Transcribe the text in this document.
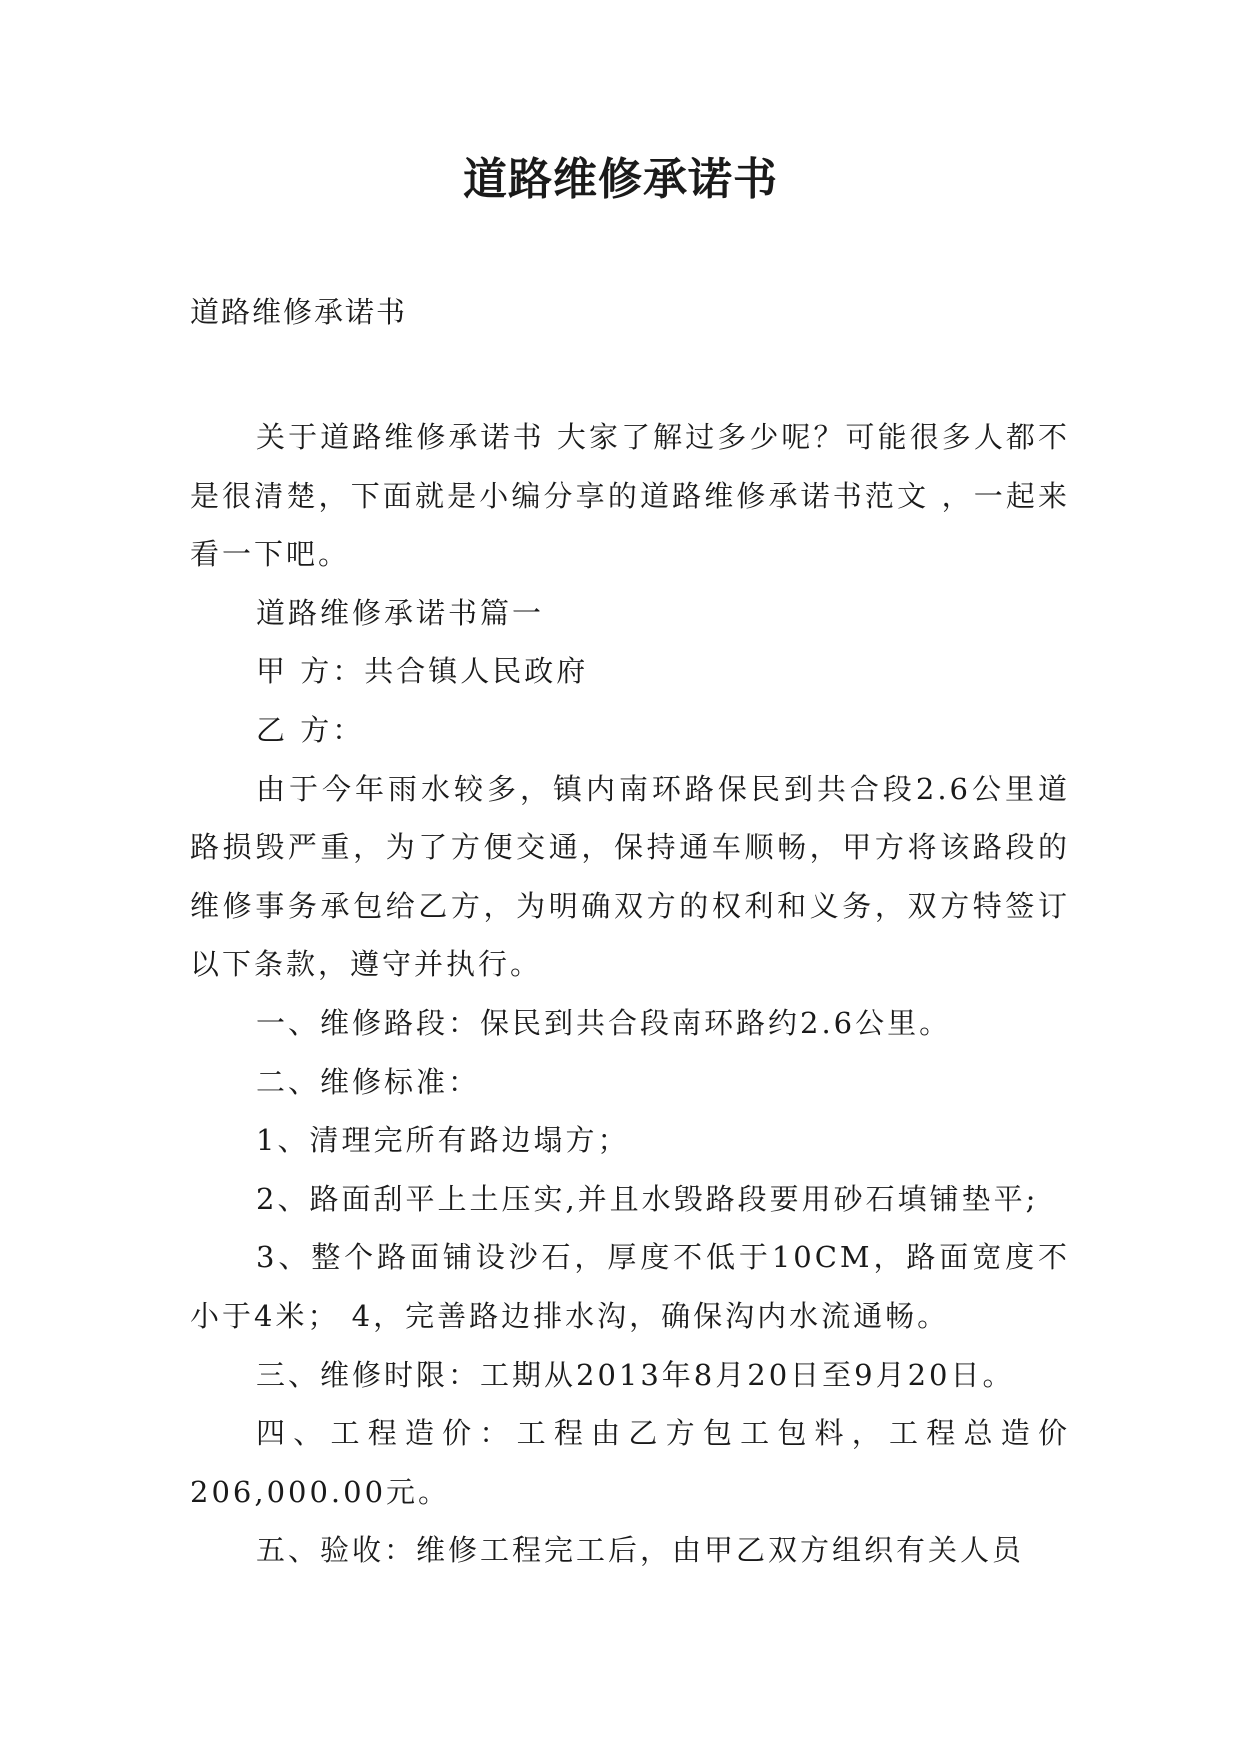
道路维修承诺书
道路维修承诺书

关于道路维修承诺书 大家了解过多少呢？可能很多人都不是很清楚，下面就是小编分享的道路维修承诺书范文 ，一起来看一下吧。

道路维修承诺书篇一

甲 方：共合镇人民政府

乙 方：

由于今年雨水较多，镇内南环路保民到共合段2.6公里道路损毁严重，为了方便交通，保持通车顺畅，甲方将该路段的维修事务承包给乙方，为明确双方的权利和义务，双方特签订以下条款，遵守并执行。

一、维修路段：保民到共合段南环路约2.6公里。

二、维修标准：

1、清理完所有路边塌方；

2、路面刮平上土压实,并且水毁路段要用砂石填铺垫平;

3、整个路面铺设沙石，厚度不低于10CM，路面宽度不小于4米； 4，完善路边排水沟，确保沟内水流通畅。

三、维修时限：工期从2013年8月20日至9月20日。

四、工程造价：工程由乙方包工包料，工程总造价206,000.00元。

五、验收：维修工程完工后，由甲乙双方组织有关人员
